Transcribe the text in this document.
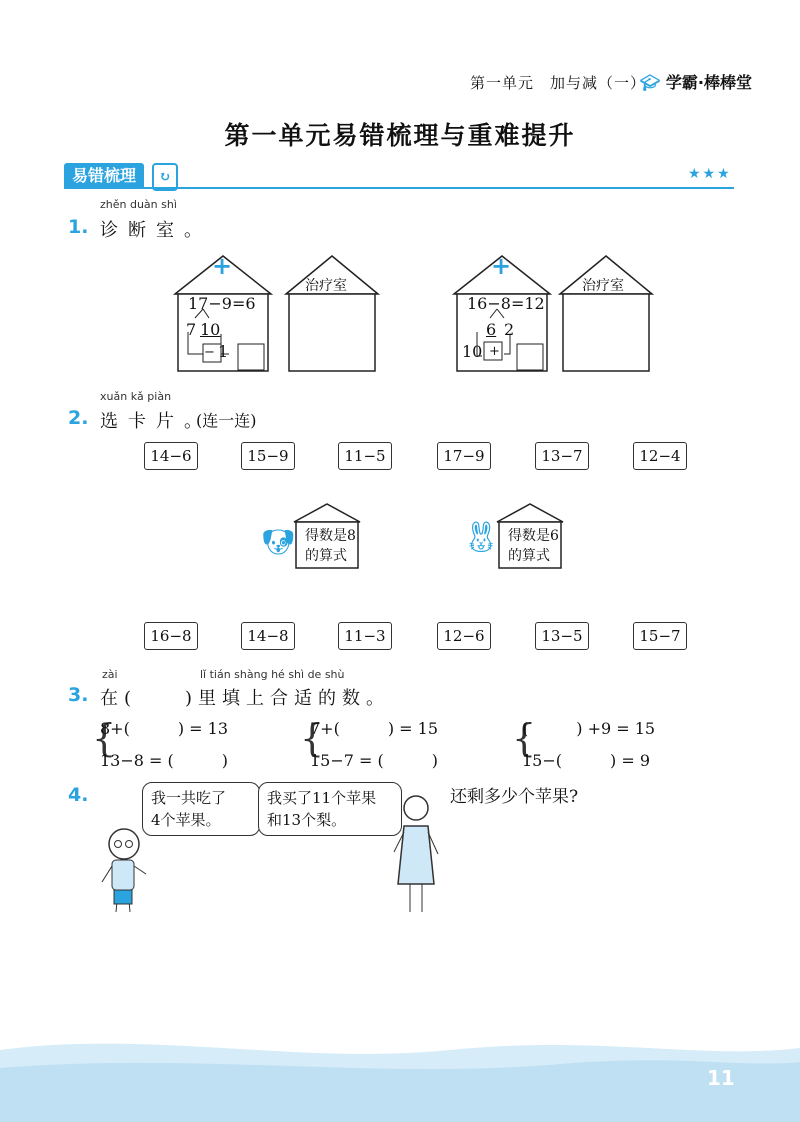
第一单元　加与减（一）
🎓︎ 学霸·棒棒堂
第一单元易错梳理与重难提升
易错梳理	↻	★★★
zhěn duàn shì
1. 诊断室。
+
17−9=6
7 10
− 1
治疗室
+
16−8=12
6 2
10 +
治疗室
xuǎn kǎ piàn
2. 选卡片。
(连一连)
14−6	15−9	11−5	17−9	13−7	12−4
得数是8
的算式
🐶︎	得数是6
的算式
🐰︎
16−8	14−8	11−3	12−6	13−5	15−7
zài	lǐ tián shàng hé shì de shù
3. 在(　　)里填上合适的数。
{
8+(　　　) = 13
13−8 = (　　　)
{
7+(　　　) = 15
15−7 = (　　　)
{
(　　　) +9 = 15
15−(　　　) = 9
4.	我一共吃了
4个苹果。
我买了11个苹果
和13个梨。
还剩多少个苹果?
11
